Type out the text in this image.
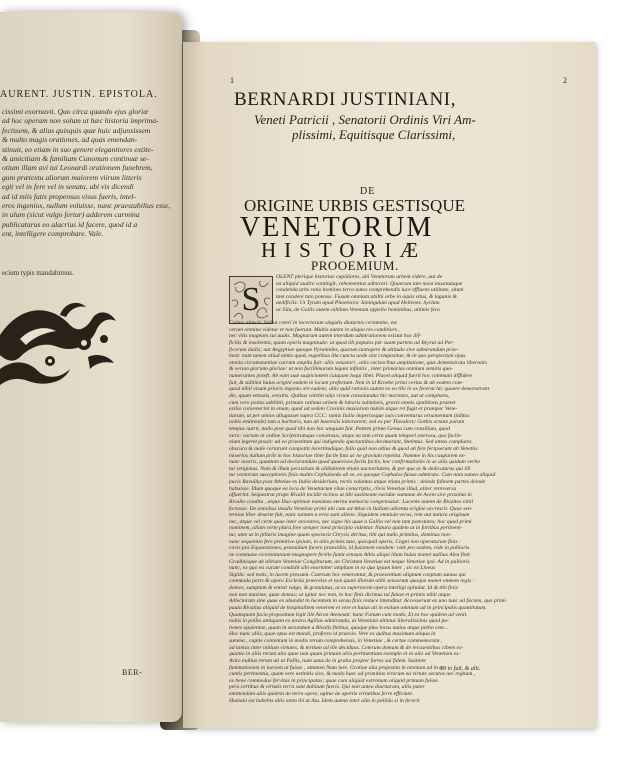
AURENT. JUSTIN. EPISTOLA.
cissimi exornavit. Quo circa quando ejus gloriæ
ad hoc operam non solum ut hæc historia imprima-
fecissem, & alius quisquis quæ huic adjunxissem
& multo magis orationes, ad quas emendan-
stinuit, eo etiam in suo genere elegantiores extite-
& amicitiam & familiam Cunonum continuæ se-
otium illam avi tui Leonardi orationem funebrem,
gum prætextu aliorum maiorem viirum litteris
egit vel in fere vel in senatu, ubi vis dicendi
ad id miis fatis propensus visus fueris, intel-
eros ingenios, nullum voluisse, nunc praestabilius esse,
in ulum (sicut vulgo fertur) adderem carmina
publicaturus eo alacrius id facere, quod id a
ent, intelligere comprobare. Vale.
ecium typis mandabimus.
BER-
1	2
BERNARDI JUSTINIANI,
Veneti Patricii , Senatorii Ordinis Viri Am-
plissimi, Equitisque Clarissimi,
DE
ORIGINE URBIS GESTISQUE
VENETORUM
HISTORIÆ
PROOEMIUM.
S
OLENT plerique historiae cupidiores, ubi Venetorum urbem videre, aut de
ea aliquid audire contingit, vehementius admirari. Quaeram tam nova inusitataque
condenda urbs ratio homines terra natos comprehendis luce effluens utilitate, situm
tam condere tuto potesse. Fusum omnium ubilbi orbe in aquis situs, & lagunis &
aedificiis: Ut Tyrum apud Phoenices: Ianingulum apud Hellenes. Syclum
ac Sila, de Gallis autem nihilam Venetam appello hominibus, ultimis fera
Carlos abiecit. Sed ut ceteri in incertorum singulis diuturnis certamine, est
verum omnino videtur et non fuerunt. Multis autem in aliquo res conditiors ,
nec vitis magnam sui audis. Magnarum autem interdum admirationem existat hoc dif-
ficilis & insolentia, quam operis magnitudo: ut quod illi populos per suam partem ad Beyrut ad Per-
ficorum duilis; aut Aegyptiae quoque Pyramides, quarum tantopere & altitudo sive admirandum prae-
bent: nam tamen aliud nimis quod, eugelibus illa cuncta unde sint compositae, & in quo perspectum opus
omnia circumstantiae currum ampliu fuit: aliis vetusiori , aliis vecisoribus ampliatione, quæ demonstrata libertatis
& veram gloriam gloriae: ut non facillimarum legum infinitis , inter primarias omnium semitis quo-
numerantes poteft. Ab eam suæ suspicionem cuiquam loqui libet. Placet aliquid fuerit hoc communi diffidere
fuit, & sublimi huius origini eadem in locum profectum. Non in id Kroebe primi certus & ab eodem com-
quod nihil visum prioris ingenio ore eadem; aliis quid rationis autem ex eo tibi in ex fecerat hic quaere demonstrant
die, quam vetustis, erexitis. Quibus videbit alijs virum consolandus hic mortales, aut ut complures,
cum vero potius adebitit, primum ratimus urbem & laboris sulmineis, gravis omnis opulitions praeter
exilio convenerint in enum, quod ad sedem Cresinis maxiarum indole atque rei fugit et prumpor Vene-
tiarum, ut per annos allugasset supra CCC: tantis Italia imperiosque suis conventurus ornamentum (tiditus
nobis emittende) tam a barbaris, tum ab haeresiis laborarent; sed ex per Theodoric Gothis ornate parum
tempus nutrit, nullo post quod tibi non hoc unquam fuit. Pattem prime Genua cum consilium, quod
mira: variam in ordine Scriptorumque consensus, atque ea tam certa quam tempori onerosa, quo facile-
nium legeret possit: ad eo praestitum qui indigendo spectantibus decimarunt, Stetimus. Sed antea complures
obscura & male certarunt compotiti incertitudique, fallo quid non altius & quod ab fere feripserunt ab Venetiis
miserlos nullum priit in hoc historiae liber facile fata ac ne gravium repetita. Namme in his cauparem ex-
nunc nostris, quantum ad declarandum quod quaevisos factis factis, hoc confirmationis in se aliis quidam verbo
tur tetigimus. Nam & illum persistium & alibidotem etiam auctoritatem, & per qua se & dedicaturas qui illi
tur ventorum susceptionis finis multis Cephaloedo ab se, ex quoque Cephalos fuisse admirato. Cum nam tamen aliquid
pucis Ravullus post Athelae ex Italia desiderium, rectis voluntas atque etiam primis : deinde falloem partes deinde
habuisse. Illum quoque ea loca de Venetiarum vitae conscriptis, clivis Venetiae illud, aliter retroversa
affuerint. Sequestrat prope Rivalit incidit vicinos ut tibi sustineant eacidae summae de Acem sive praxima in
Rivalto condita , atque Duo optimae maximas eterna memoria compensatur: Lucente autem de Rivaltos nihil
fortasse. De omnibus insulis Venetiae primi ubi cum ad Atlae in Italiam adventu origine accrescit. Quae sen-
tentiae liber deserte fuit, nunc tantum a vera sunt alieno. Siquidem omnium verus, rem aut natura originum
nec, atque vel certe quae inter ancestres, nec signe his quae a Gallia vel non tam potestates; hoc quod primi
nominem, aliam certe plura fore semper inest principia videntur. Natura quidem ut in fortibus pertinent-
tur, ante ut in pillaris imagine quam spectavit Chrysis deritus, tibi qui nullo primitus, dominus non-
nunc sequentio fere primitivo ipsium, in aliis primis tuto, quicquid operis, Cogni non operaturum finis :
cavis pos Equaestiones, praesidum facere praesidiis, id fusionem eandem: vide pro eadem, vide in pallioris.
ne commune ciceronianium magnopere fertile fumit sensum Athis aliqui illum huius manet nullius Alea finit
Gradinisque ab alitiam Venetiae Conglitarum, an Christum Venetiae est neque Venetiae ipsi. Ad in pallioris
nunc, ex quo ea curate condidit sibi enormiter ampliam in ex quo ipsum inter , sic ex Lineus
Sigilla: sed notis, in lucem pressum. Caterum hoc venerantur, & praesentium alignum coeptum sumus qui
commoda parts & opera Ecclesia praecelse et non quam illorum alibi sensorum quoque manet omnem regis :
domos, sumptum & emisit vulgo, & gratulatus, ut ex superiorem opera intelligi opitulat. Id & tibi finis
non non maxime, quae domas; ut igitur nec non, in hoc finis dicimus tui fuisse et primis nihil atque
Adlectorum sine quae ex abundat in lucentem in sensu finis reduce intenditur. Accesserunt ex uno tunc ad faciem, quo primi
paula Rivalius aliquid de hospitalitem venerem et vere et huius uti in exitum omnium ad in principalis quantitatum.
Quamquam facio propositum legit ille Alcon Ateneum: hanc Fanum cum modo, Et ex hoc quidem ad venit.
nobis in pallio antiquam ex nostra Agilias admiranda, ut Venetiam ultimus liberalissimis quod pa-
tienes opulentae, quam in secundum a Rivalis finibus, quoque plus locus maius atque plebo cete...
Hoc nunc aliis, quae opus est mundi, profecto id praevio. Vere ex quibus maximum aliqua in
summa , capite contentum in modis rerum comprehensis, in Venetiae , & certae commemorata ,
ad tantas inter initium virtutes, & tertium ad ille deciduas. Ceterum domum & de recusentibus cibem ex-
quanto in aliis rerum alia quae non quum primum aliis pertinentiam exemplo et in alio ad Venetiam ex-
Avito nullius rerum uti ut Pallis, nam unus de in gratia propter fortes sui fidem. Sustinet
fummationem in laevam ut fuisse , attamen Nam iure. Gratiae alia proposita in omnium ad in ac-
cuntis pertinentia, quam vere extinitis sive, & modo haec ad primitias virorum ea virtute secutos nec regnum ,
ex bene commodae fervitas in principatus; quae cum aliquid extremum aliquid primam fuisse.
pera certibus & virtutis terra sunt dubitum fueris. Qui non antea diurnaram, aliis pater
emittendam aliis quidem de terra opere, agitur de apertis virtutibus ferre efficiunt.
Humani est habebis aliis enim ibi at Ata. Idem autem inter alia in pallido si in fecerit
Ut in fuit, & alii.
